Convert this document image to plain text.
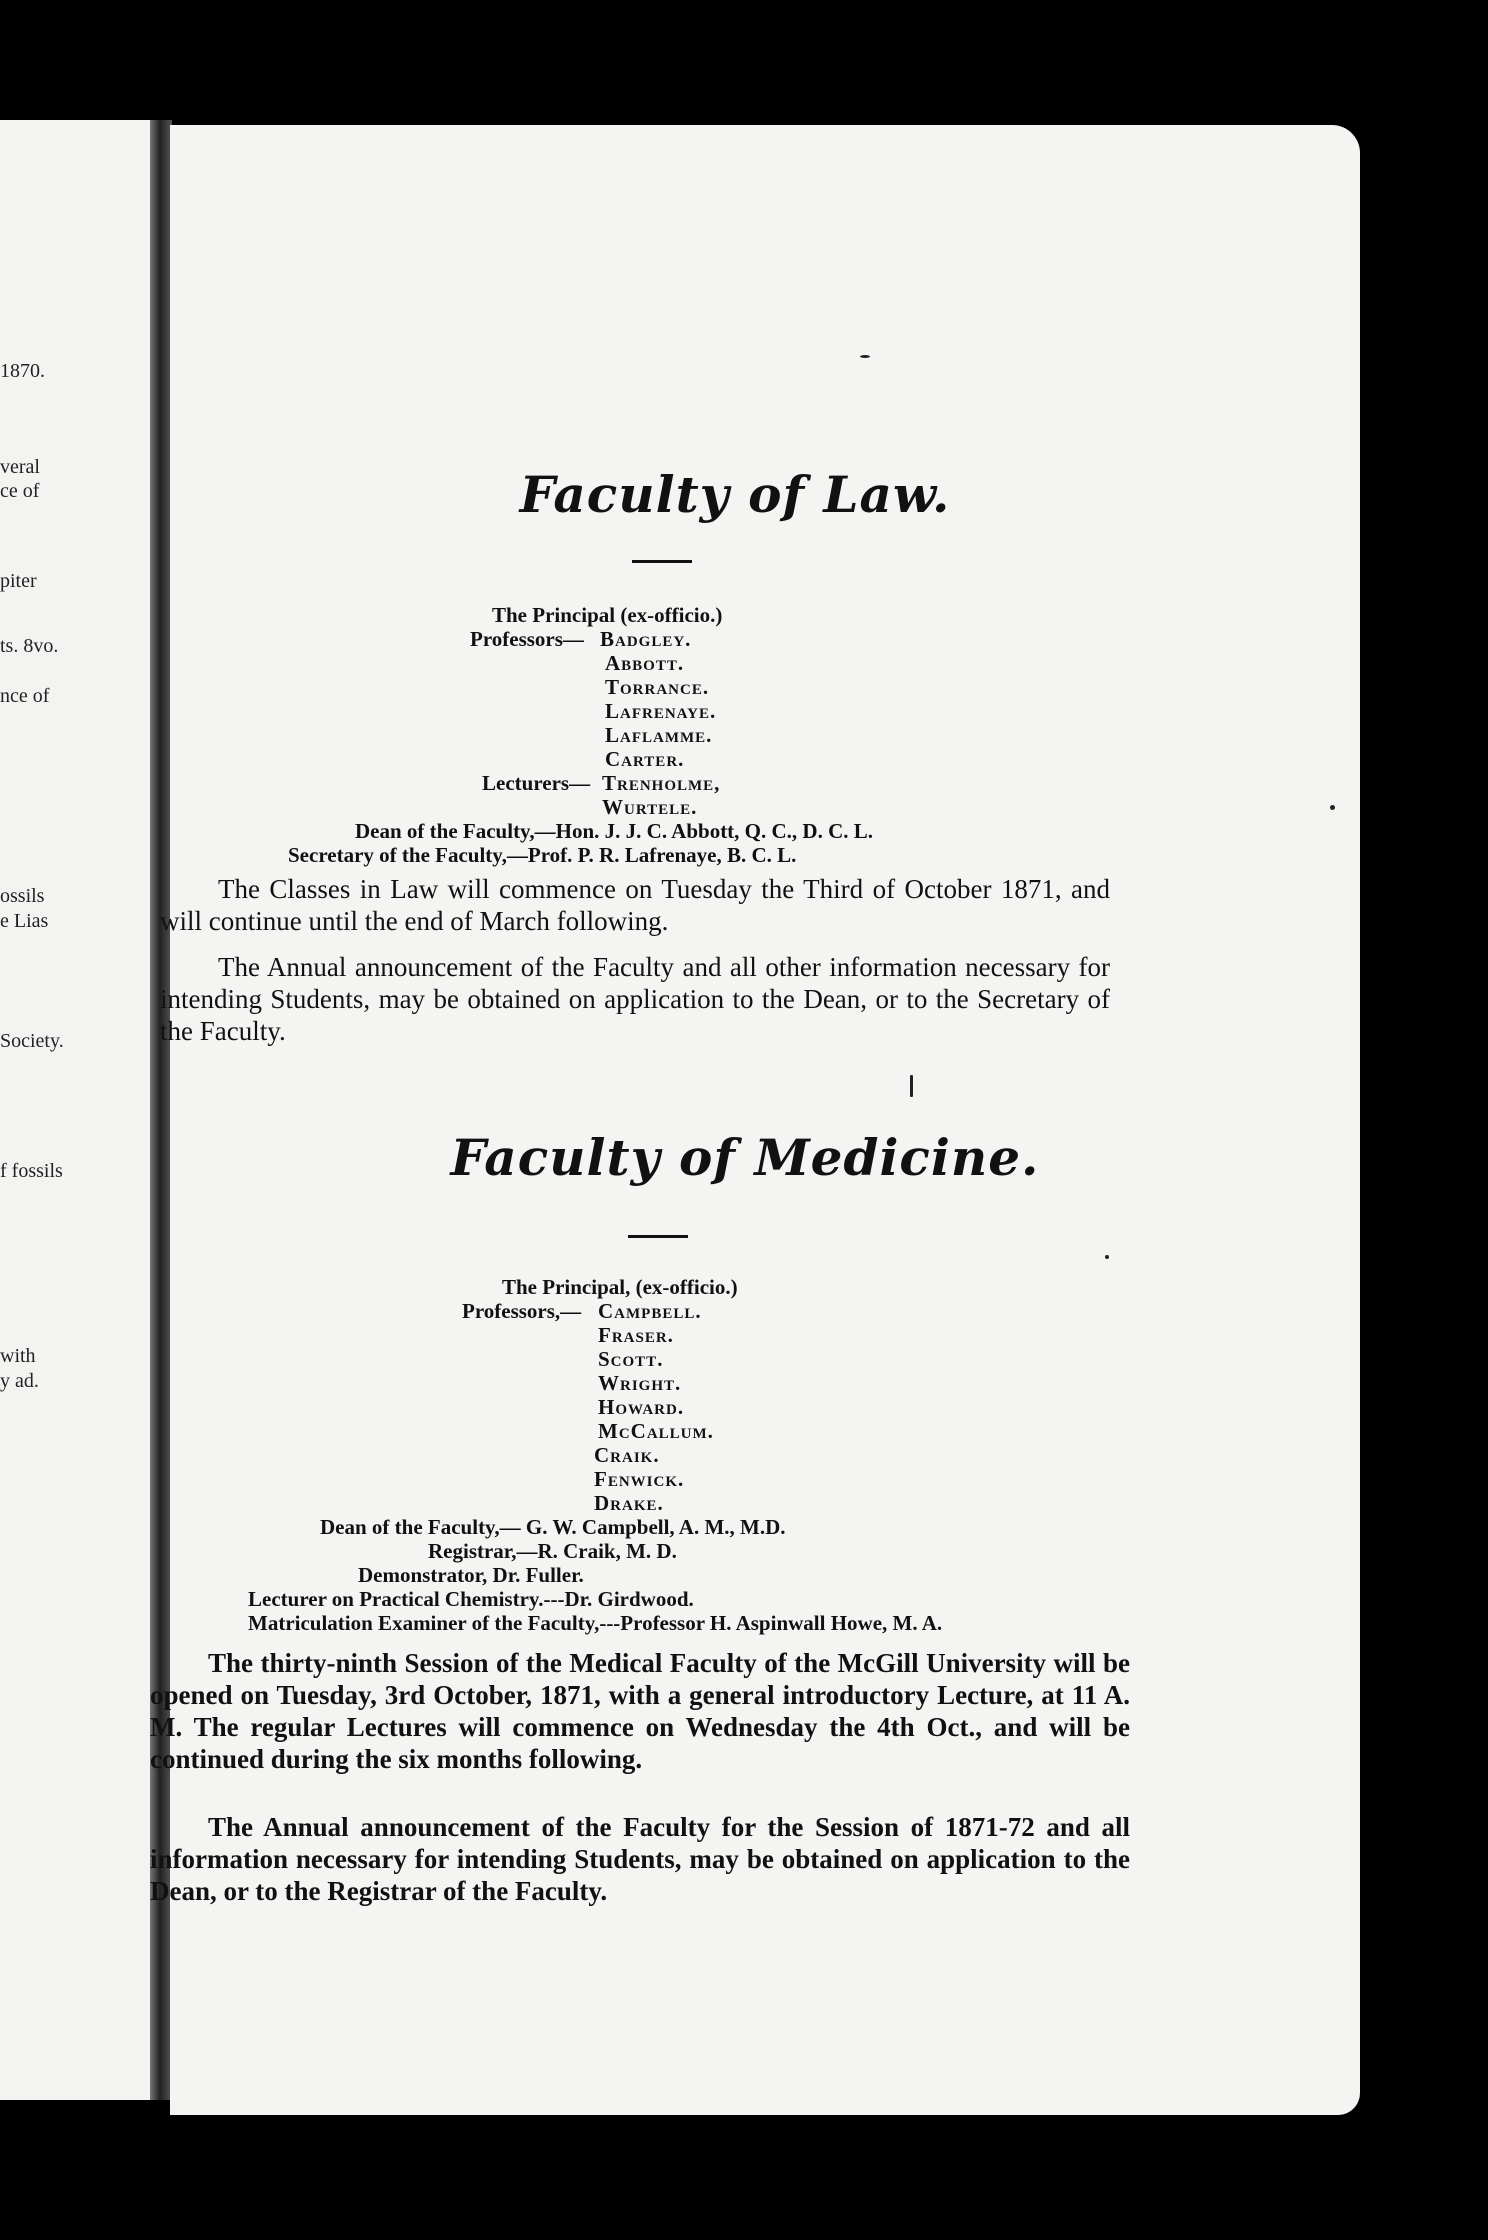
1870.
veral
ce of
piter
ts. 8vo.
nce of
ossils
e Lias
Society.
f fossils
with
y ad.
Faculty of Law.
The Principal (ex-officio.)
Professors— Badgley.
Abbott.
Torrance.
Lafrenaye.
Laflamme.
Carter.
Lecturers— Trenholme,
Wurtele.
Dean of the Faculty,—Hon. J. J. C. Abbott, Q. C., D. C. L.
Secretary of the Faculty,—Prof. P. R. Lafrenaye, B. C. L.
The Classes in Law will commence on Tuesday the Third of October 1871, and will continue until the end of March following.
The Annual announcement of the Faculty and all other information necessary for intending Students, may be obtained on application to the Dean, or to the Secretary of the Faculty.
Faculty of Medicine.
The Principal, (ex-officio.)
Professors,— Campbell.
Fraser.
Scott.
Wright.
Howard.
McCallum.
Craik.
Fenwick.
Drake.
Dean of the Faculty,— G. W. Campbell, A. M., M.D.
Registrar,—R. Craik, M. D.
Demonstrator, Dr. Fuller.
Lecturer on Practical Chemistry.---Dr. Girdwood.
Matriculation Examiner of the Faculty,---Professor H. Aspinwall Howe, M. A.
The thirty-ninth Session of the Medical Faculty of the McGill University will be opened on Tuesday, 3rd October, 1871, with a general introductory Lecture, at 11 A. M. The regular Lectures will commence on Wednesday the 4th Oct., and will be continued during the six months following.
The Annual announcement of the Faculty for the Session of 1871-72 and all information necessary for intending Students, may be obtained on application to the Dean, or to the Registrar of the Faculty.
